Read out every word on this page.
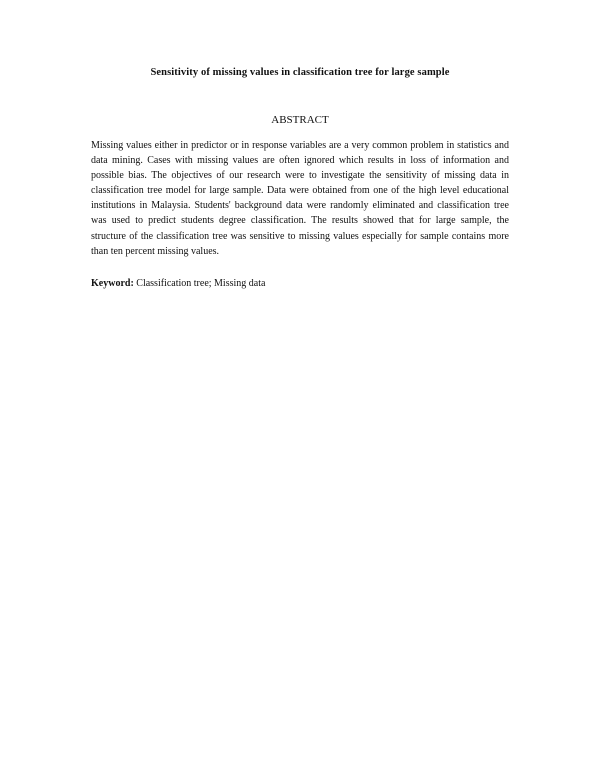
Sensitivity of missing values in classification tree for large sample
ABSTRACT

Missing values either in predictor or in response variables are a very common problem in statistics and data mining. Cases with missing values are often ignored which results in loss of information and possible bias. The objectives of our research were to investigate the sensitivity of missing data in classification tree model for large sample. Data were obtained from one of the high level educational institutions in Malaysia. Students' background data were randomly eliminated and classification tree was used to predict students degree classification. The results showed that for large sample, the structure of the classification tree was sensitive to missing values especially for sample contains more than ten percent missing values.

Keyword: Classification tree; Missing data
